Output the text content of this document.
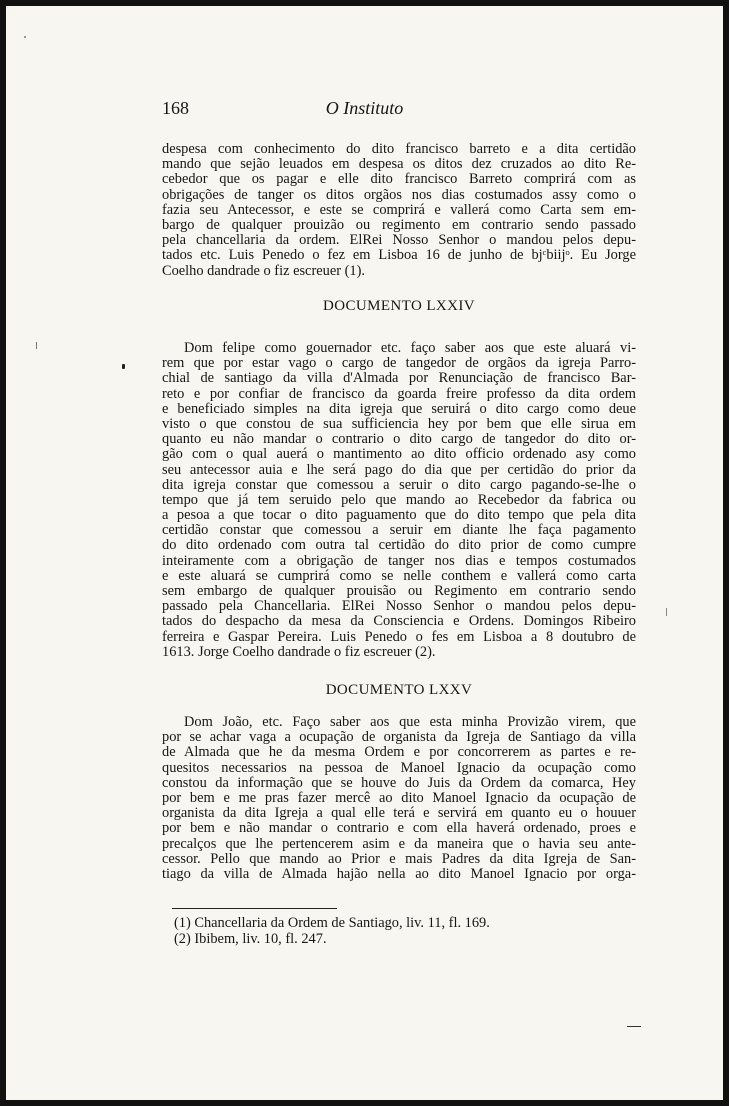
168	O Instituto
despesa com conhecimento do dito francisco barreto e a dita certidão
mando que sejão leuados em despesa os ditos dez cruzados ao dito Re-
cebedor que os pagar e elle dito francisco Barreto comprirá com as
obrigações de tanger os ditos orgãos nos dias costumados assy como o
fazia seu Antecessor, e este se comprirá e vallerá como Carta sem em-
bargo de qualquer prouizão ou regimento em contrario sendo passado
pela chancellaria da ordem. ElRei Nosso Senhor o mandou pelos depu-
tados etc. Luis Penedo o fez em Lisboa 16 de junho de bjᶜbiijᵒ. Eu Jorge
Coelho dandrade o fiz escreuer (1).
DOCUMENTO LXXIV
Dom felipe como gouernador etc. faço saber aos que este aluará vi-
rem que por estar vago o cargo de tangedor de orgãos da igreja Parro-
chial de santiago da villa d'Almada por Renunciação de francisco Bar-
reto e por confiar de francisco da goarda freire professo da dita ordem
e beneficiado simples na dita igreja que seruirá o dito cargo como deue
visto o que constou de sua sufficiencia hey por bem que elle sirua em
quanto eu não mandar o contrario o dito cargo de tangedor do dito or-
gão com o qual auerá o mantimento ao dito officio ordenado asy como
seu antecessor auia e lhe será pago do dia que per certidão do prior da
dita igreja constar que comessou a seruir o dito cargo pagando-se-lhe o
tempo que já tem seruido pelo que mando ao Recebedor da fabrica ou
a pesoa a que tocar o dito paguamento que do dito tempo que pela dita
certidão constar que comessou a seruir em diante lhe faça pagamento
do dito ordenado com outra tal certidão do dito prior de como cumpre
inteiramente com a obrigação de tanger nos dias e tempos costumados
e este aluará se cumprirá como se nelle conthem e vallerá como carta
sem embargo de qualquer prouisão ou Regimento em contrario sendo
passado pela Chancellaria. ElRei Nosso Senhor o mandou pelos depu-
tados do despacho da mesa da Consciencia e Ordens. Domingos Ribeiro
ferreira e Gaspar Pereira. Luis Penedo o fes em Lisboa a 8 doutubro de
1613. Jorge Coelho dandrade o fiz escreuer (2).
DOCUMENTO LXXV
Dom João, etc. Faço saber aos que esta minha Provizão virem, que
por se achar vaga a ocupação de organista da Igreja de Santiago da villa
de Almada que he da mesma Ordem e por concorrerem as partes e re-
quesitos necessarios na pessoa de Manoel Ignacio da ocupação como
constou da informação que se houve do Juis da Ordem da comarca, Hey
por bem e me pras fazer mercê ao dito Manoel Ignacio da ocupação de
organista da dita Igreja a qual elle terá e servirá em quanto eu o houuer
por bem e não mandar o contrario e com ella haverá ordenado, proes e
precalços que lhe pertencerem asim e da maneira que o havia seu ante-
cessor. Pello que mando ao Prior e mais Padres da dita Igreja de San-
tiago da villa de Almada hajão nella ao dito Manoel Ignacio por orga-
(1) Chancellaria da Ordem de Santiago, liv. 11, fl. 169.
(2) Ibibem, liv. 10, fl. 247.
